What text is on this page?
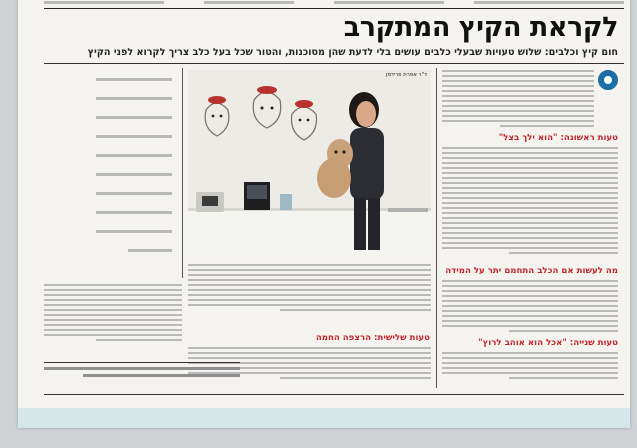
לקראת הקיץ המתקרב

חום קיץ וכלבים: שלוש טעויות שבעלי כלבים עושים בלי לדעת שהן מסוכנות, והטור שכל בעל כלב צריך לקרוא לפני הקיץ

טעות ראשונה: "הוא ילך בצל"

מה לעשות אם הכלב התחמם יתר על המידה

טעות שנייה: "אכל הוא אוהב לרוץ"

ד"ר אפרת פרידמן

טעות שלישית: הרצפה החמה
